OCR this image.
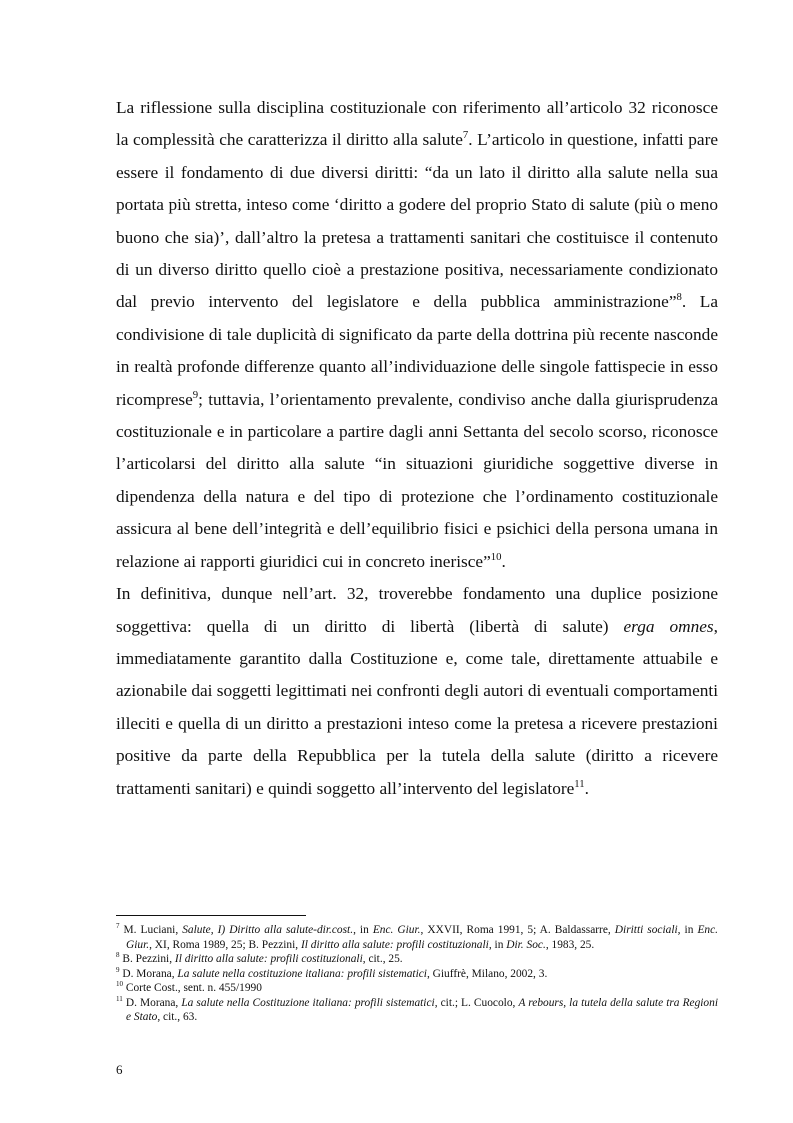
La riflessione sulla disciplina costituzionale con riferimento all’articolo 32 riconosce la complessità che caratterizza il diritto alla salute$^7$. L’articolo in questione, infatti pare essere il fondamento di due diversi diritti: “da un lato il diritto alla salute nella sua portata più stretta, inteso come ‘diritto a godere del proprio Stato di salute (più o meno buono che sia)’, dall’altro la pretesa a trattamenti sanitari che costituisce il contenuto di un diverso diritto quello cioè a prestazione positiva, necessariamente condizionato dal previo intervento del legislatore e della pubblica amministrazione”$^8$. La condivisione di tale duplicità di significato da parte della dottrina più recente nasconde in realtà profonde differenze quanto all’individuazione delle singole fattispecie in esso ricomprese$^9$; tuttavia, l’orientamento prevalente, condiviso anche dalla giurisprudenza costituzionale e in particolare a partire dagli anni Settanta del secolo scorso, riconosce l’articolarsi del diritto alla salute “in situazioni giuridiche soggettive diverse in dipendenza della natura e del tipo di protezione che l’ordinamento costituzionale assicura al bene dell’integrità e dell’equilibrio fisici e psichici della persona umana in relazione ai rapporti giuridici cui in concreto inerisce”$^{10}$.

In definitiva, dunque nell’art. 32, troverebbe fondamento una duplice posizione soggettiva: quella di un diritto di libertà (libertà di salute) erga omnes, immediatamente garantito dalla Costituzione e, come tale, direttamente attuabile e azionabile dai soggetti legittimati nei confronti degli autori di eventuali comportamenti illeciti e quella di un diritto a prestazioni inteso come la pretesa a ricevere prestazioni positive da parte della Repubblica per la tutela della salute (diritto a ricevere trattamenti sanitari) e quindi soggetto all’intervento del legislatore$^{11}$.

$^7$ M. Luciani, Salute, I) Diritto alla salute-dir.cost., in Enc. Giur., XXVII, Roma 1991, 5; A. Baldassarre, Diritti sociali, in Enc. Giur., XI, Roma 1989, 25; B. Pezzini, Il diritto alla salute: profili costituzionali, in Dir. Soc., 1983, 25.

$^8$ B. Pezzini, Il diritto alla salute: profili costituzionali, cit., 25.

$^9$ D. Morana, La salute nella costituzione italiana: profili sistematici, Giuffrè, Milano, 2002, 3.

$^{10}$ Corte Cost., sent. n. 455/1990

$^{11}$ D. Morana, La salute nella Costituzione italiana: profili sistematici, cit.; L. Cuocolo, A rebours, la tutela della salute tra Regioni e Stato, cit., 63.

6
